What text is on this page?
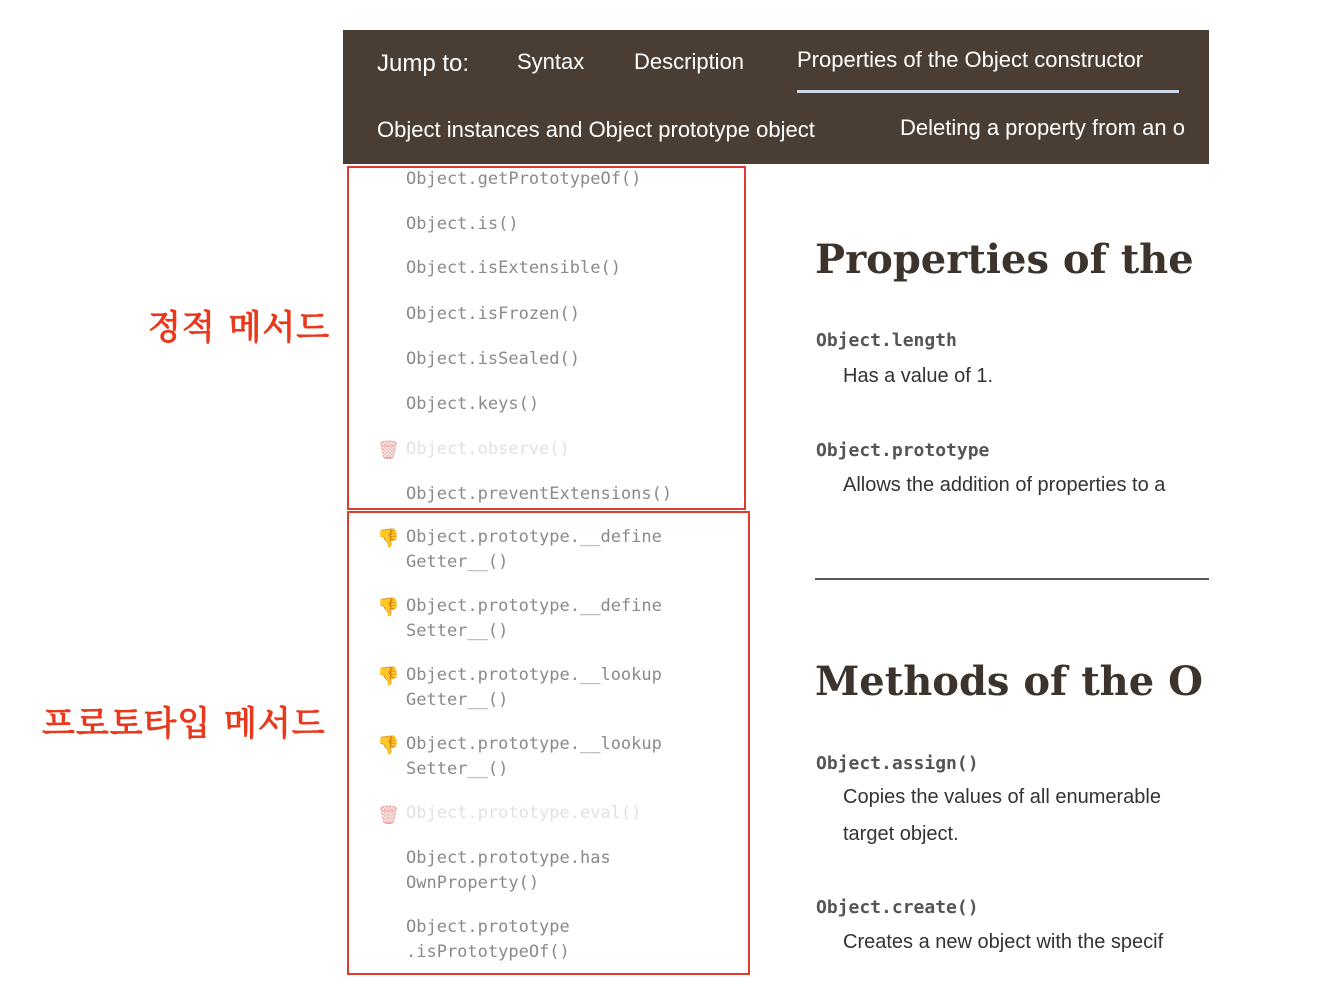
정적 메서드
프로토타입 메서드
Jump to: Syntax Description Properties of the Object constructor
Object instances and Object prototype object	Deleting a property from an o
Object.getPrototypeOf()
Object.is()
Object.isExtensible()
Object.isFrozen()
Object.isSealed()
Object.keys()
🗑 Object.observe()
Object.preventExtensions()
👎 Object.prototype.__define
Getter__()
👎 Object.prototype.__define
Setter__()
👎 Object.prototype.__lookup
Getter__()
👎 Object.prototype.__lookup
Setter__()
🗑 Object.prototype.eval()
Object.prototype.has
OwnProperty()
Object.prototype
.isPrototypeOf()
Properties of the
Object.length
Has a value of 1.
Object.prototype
Allows the addition of properties to a
Methods of the O
Object.assign()
Copies the values of all enumerable
target object.
Object.create()
Creates a new object with the specif
